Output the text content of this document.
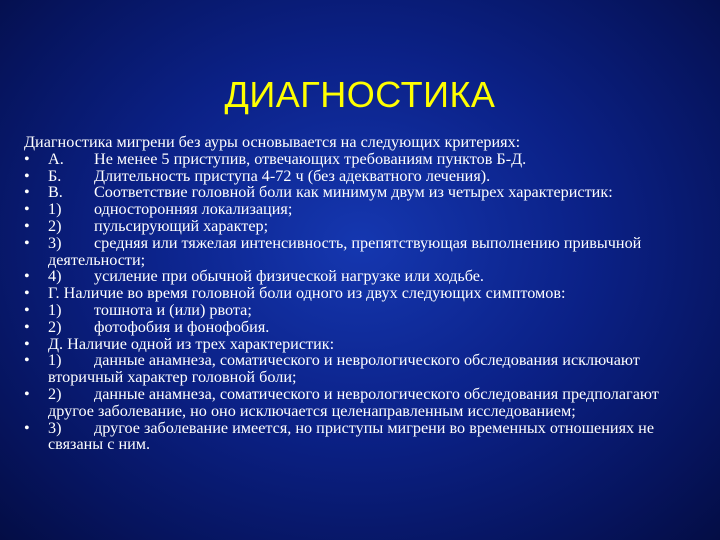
ДИАГНОСТИКА

Диагностика мигрени без ауры основывается на следующих критериях:

• А. Не менее 5 приступив, отвечающих требованиям пунктов Б-Д.
• Б. Длительность приступа 4-72 ч (без адекватного лечения).
• В. Соответствие головной боли как минимум двум из четырех характеристик:
• 1) односторонняя локализация;
• 2) пульсирующий характер;
• 3) средняя или тяжелая интенсивность, препятствующая выполнению привычной деятельности;
• 4) усиление при обычной физической нагрузке или ходьбе.
• Г. Наличие во время головной боли одного из двух следующих симптомов:
• 1) тошнота и (или) рвота;
• 2) фотофобия и фонофобия.
• Д. Наличие одной из трех характеристик:
• 1) данные анамнеза, соматического и неврологического обследования исключают вторичный характер головной боли;
• 2) данные анамнеза, соматического и неврологического обследования предполагают другое заболевание, но оно исключается целенаправленным исследованием;
• 3) другое заболевание имеется, но приступы мигрени во временных отношениях не связаны с ним.
